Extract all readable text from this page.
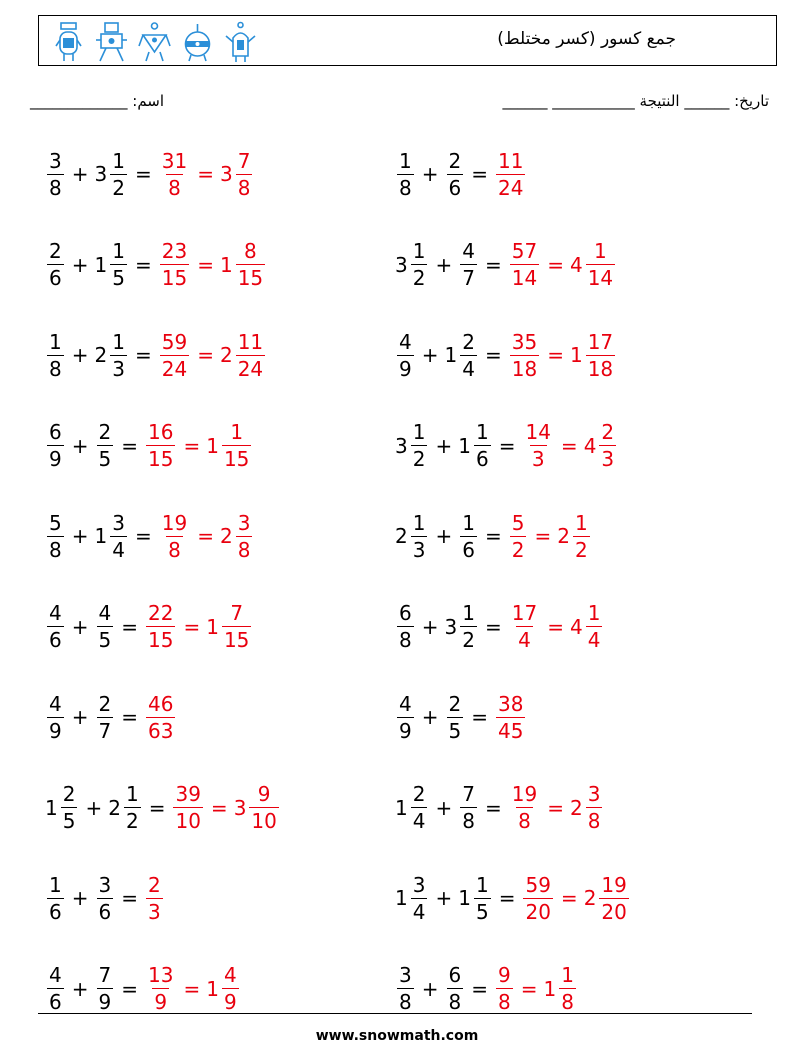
جمع كسور (كسر مختلط)
اسم: _____________	تاريخ: ______ النتيجة ___________ ______
$\frac{3}{8} + 3 \frac{1}{2} = \frac{31}{8} = 3 \frac{7}{8}$	$\frac{1}{8} + \frac{2}{6} = \frac{11}{24}$
$\frac{2}{6} + 1 \frac{1}{5} = \frac{23}{15} = 1 \frac{8}{15}$	$3 \frac{1}{2} + \frac{4}{7} = \frac{57}{14} = 4 \frac{1}{14}$
$\frac{1}{8} + 2 \frac{1}{3} = \frac{59}{24} = 2 \frac{11}{24}$	$\frac{4}{9} + 1 \frac{2}{4} = \frac{35}{18} = 1 \frac{17}{18}$
$\frac{6}{9} + \frac{2}{5} = \frac{16}{15} = 1 \frac{1}{15}$	$3 \frac{1}{2} + 1 \frac{1}{6} = \frac{14}{3} = 4 \frac{2}{3}$
$\frac{5}{8} + 1 \frac{3}{4} = \frac{19}{8} = 2 \frac{3}{8}$	$2 \frac{1}{3} + \frac{1}{6} = \frac{5}{2} = 2 \frac{1}{2}$
$\frac{4}{6} + \frac{4}{5} = \frac{22}{15} = 1 \frac{7}{15}$	$\frac{6}{8} + 3 \frac{1}{2} = \frac{17}{4} = 4 \frac{1}{4}$
$\frac{4}{9} + \frac{2}{7} = \frac{46}{63}$	$\frac{4}{9} + \frac{2}{5} = \frac{38}{45}$
$1 \frac{2}{5} + 2 \frac{1}{2} = \frac{39}{10} = 3 \frac{9}{10}$	$1 \frac{2}{4} + \frac{7}{8} = \frac{19}{8} = 2 \frac{3}{8}$
$\frac{1}{6} + \frac{3}{6} = \frac{2}{3}$	$1 \frac{3}{4} + 1 \frac{1}{5} = \frac{59}{20} = 2 \frac{19}{20}$
$\frac{4}{6} + \frac{7}{9} = \frac{13}{9} = 1 \frac{4}{9}$	$\frac{3}{8} + \frac{6}{8} = \frac{9}{8} = 1 \frac{1}{8}$
www.snowmath.com
